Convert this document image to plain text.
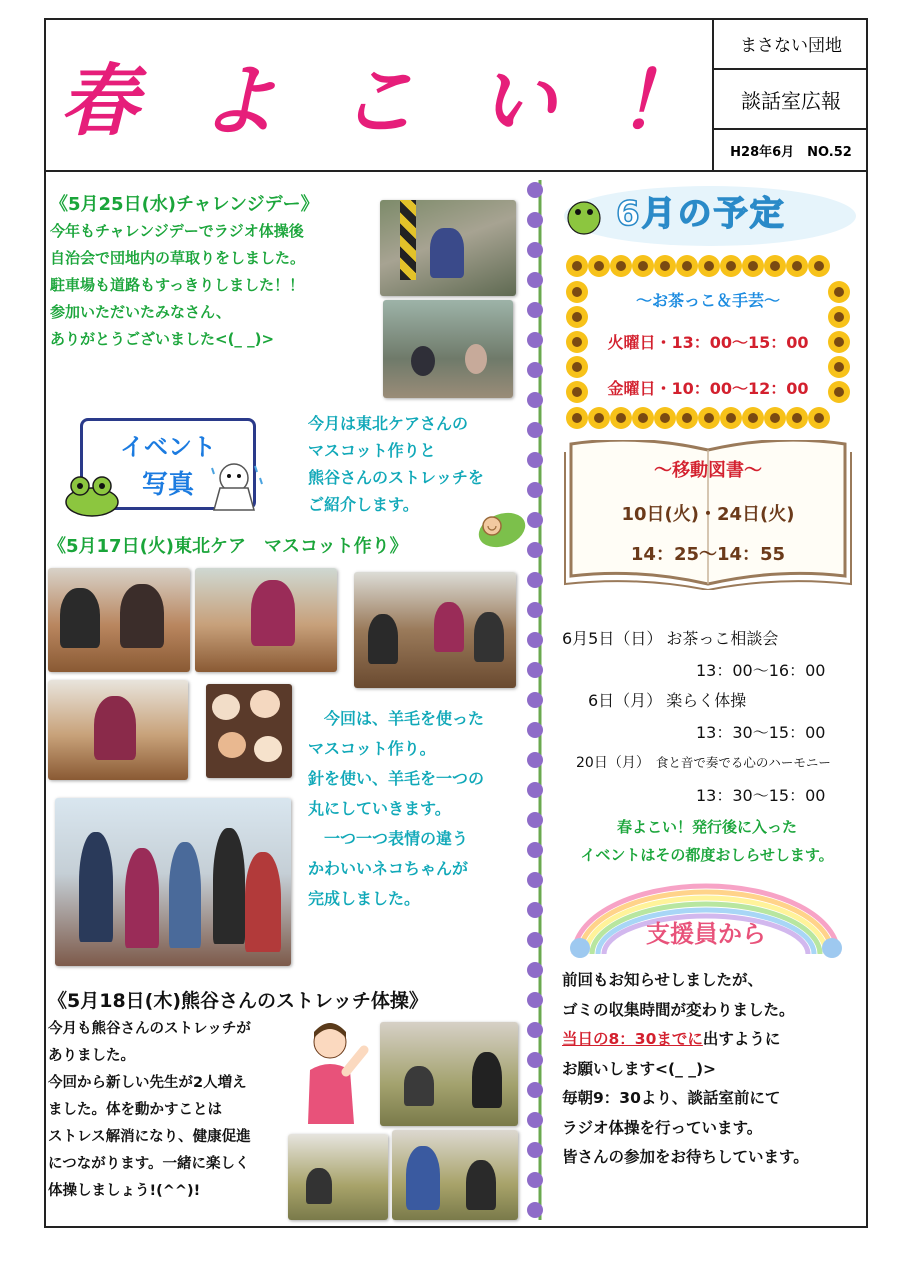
春 よ こ い ！
まさない団地
談話室広報
H28年6月　NO.52
《5月25日(水)チャレンジデー》
今年もチャレンジデーでラジオ体操後
自治会で団地内の草取りをしました。
駐車場も道路もすっきりしました！！
参加いただいたみなさん、
ありがとうございました<(_ _)>
イベント
写真
今月は東北ケアさんの
マスコット作りと
熊谷さんのストレッチを
ご紹介します。
《5月17日(火)東北ケア　マスコット作り》
　今回は、羊毛を使った
マスコット作り。
針を使い、羊毛を一つの
丸にしていきます。
　一つ一つ表情の違う
かわいいネコちゃんが
完成しました。
《5月18日(木)熊谷さんのストレッチ体操》
今月も熊谷さんのストレッチが
ありました。
今回から新しい先生が2人増え
ました。体を動かすことは
ストレス解消になり、健康促進
につながります。一緒に楽しく
体操しましょう!(^^)!
6月の予定
～お茶っこ＆手芸～
火曜日・13：00～15：00
金曜日・10：00～12：00
～移動図書～
10日(火)・24日(火)
14：25～14：55
6月5日（日） お茶っこ相談会
13：00～16：00
6日（月） 楽らく体操
13：30～15：00
20日（月） 食と音で奏でる心のハーモニー
13：30～15：00
春よこい！発行後に入った
イベントはその都度おしらせします。
支援員から
前回もお知らせしましたが、
ゴミの収集時間が変わりました。
当日の8：30までに出すように
お願いします<(_ _)>
毎朝9：30より、談話室前にて
ラジオ体操を行っています。
皆さんの参加をお待ちしています。
